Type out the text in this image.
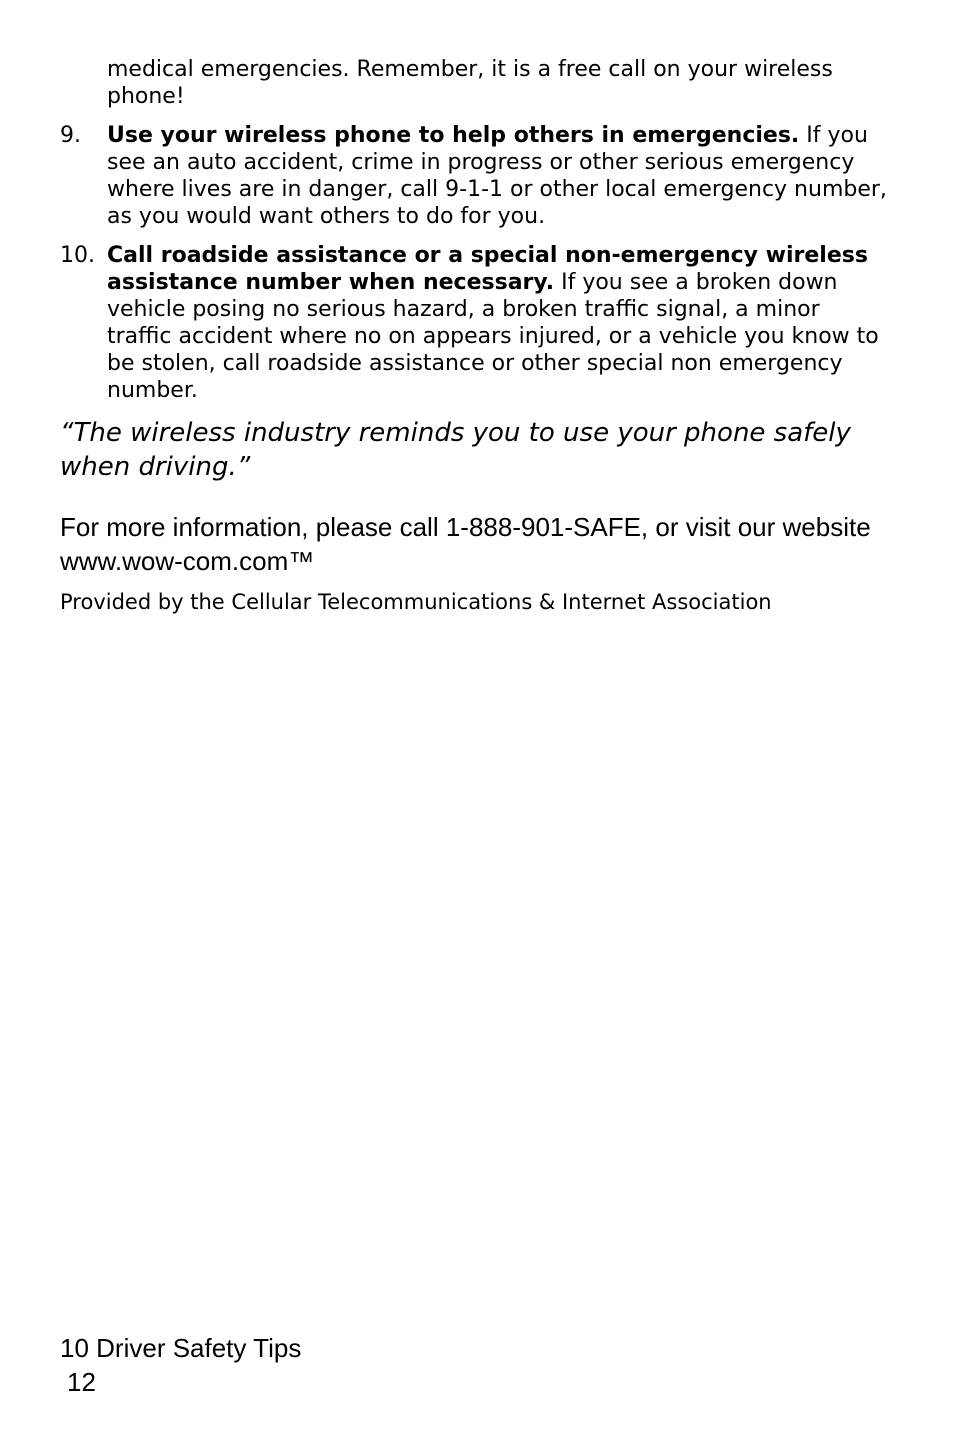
medical emergencies. Remember, it is a free call on your wireless phone!

9.	Use your wireless phone to help others in emergencies. If you see an auto accident, crime in progress or other serious emergency where lives are in danger, call 9-1-1 or other local emergency number, as you would want others to do for you.
10. Call roadside assistance or a special non-emergency wireless assistance number when necessary. If you see a broken down vehicle posing no serious hazard, a broken traffic signal, a minor traffic accident where no on appears injured, or a vehicle you know to be stolen, call roadside assistance or other special non emergency number.

“The wireless industry reminds you to use your phone safely when driving.”

For more information, please call 1-888-901-SAFE, or visit our website www.wow-com.com™

Provided by the Cellular Telecommunications & Internet Association

10 Driver Safety Tips
12
